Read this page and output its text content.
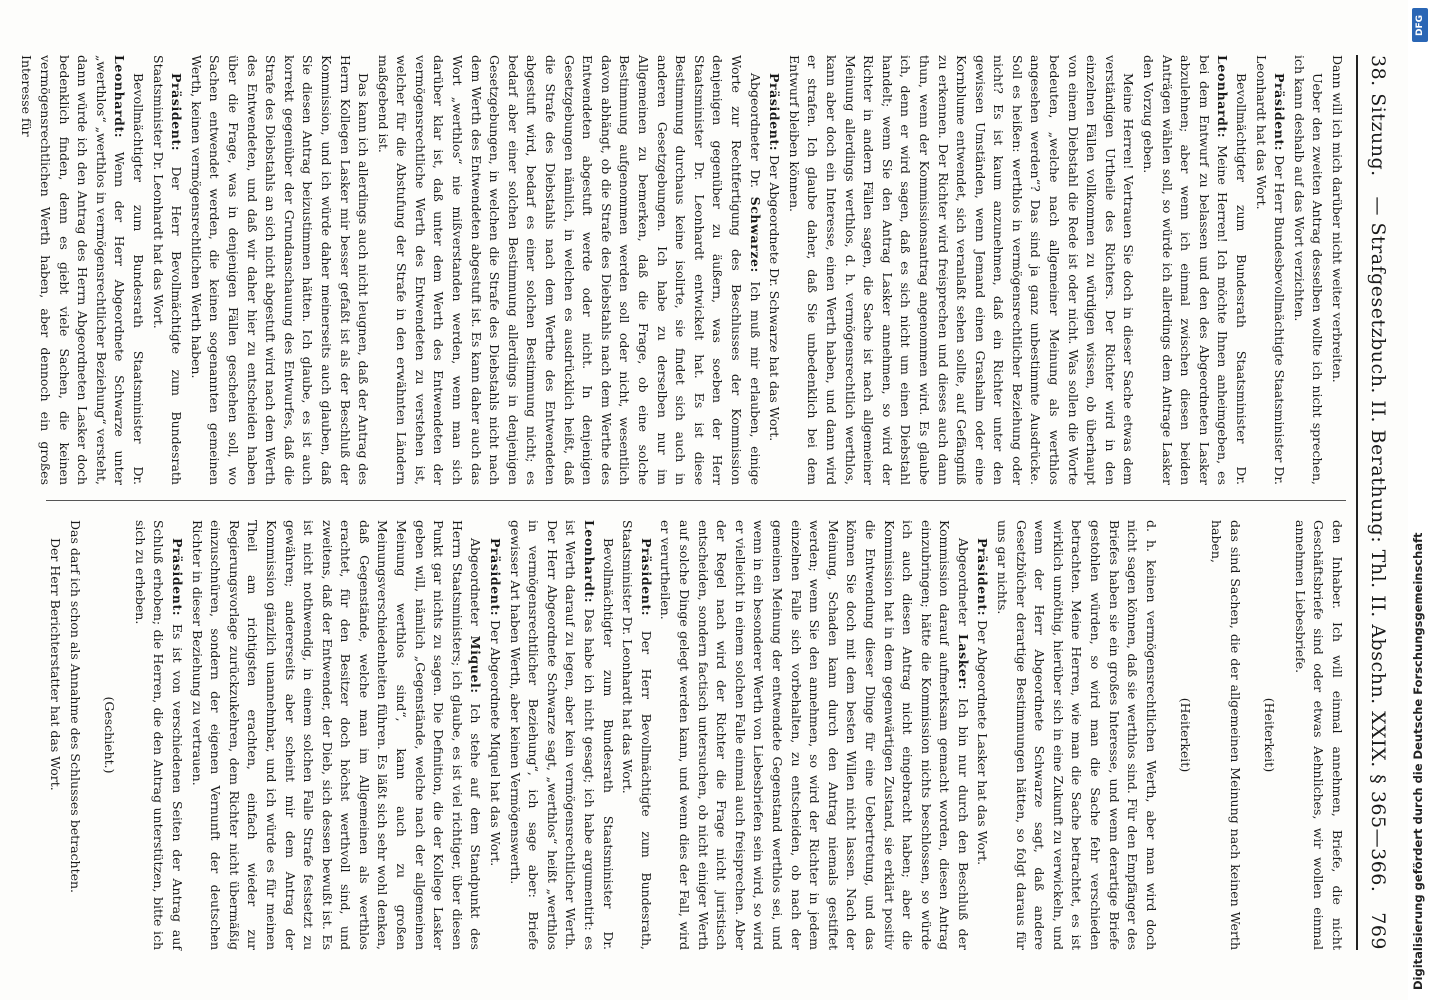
38. Sitzung.
— Strafgesetzbuch. II. Berathung: Thl. II. Abschn. XXIX. § 365—366.
769

Dann will ich mich darüber nicht weiter verbreiten.

Ueber den zweiten Antrag desselben wollte ich nicht sprechen, ich kann deshalb auf das Wort verzichten.

Präsident: Der Herr Bundesbevollmächtigte Staatsminister Dr. Leonhardt hat das Wort.

Bevollmächtigter zum Bundesrath Staatsminister Dr. Leonhardt: Meine Herren! Ich möchte Ihnen anheimgeben, es bei dem Entwurf zu belassen und den des Abgeordneten Lasker abzulehnen; aber wenn ich einmal zwischen diesen beiden Anträgen wählen soll, so würde ich allerdings dem Antrage Lasker den Vorzug geben.

Meine Herren! Vertrauen Sie doch in dieser Sache etwas dem verständigen Urtheile des Richters. Der Richter wird in den einzelnen Fällen vollkommen zu würdigen wissen, ob überhaupt von einem Diebstahl die Rede ist oder nicht. Was sollen die Worte bedeuten, „welche nach allgemeiner Meinung als werthlos angesehen werden“? Das sind ja ganz unbestimmte Ausdrücke. Soll es heißen: werthlos in vermögensrechtlicher Beziehung oder nicht? Es ist kaum anzunehmen, daß ein Richter unter den gewissen Umständen, wenn Jemand einen Grashalm oder eine Kornblume entwendet, sich veranlaßt sehen sollte, auf Gefängniß zu erkennen. Der Richter wird freisprechen und dieses auch dann thun, wenn der Kommissionsantrag angenommen wird. Es glaube ich, denn er wird sagen, daß es sich nicht um einen Diebstahl handelt; wenn Sie den Antrag Lasker annehmen, so wird der Richter in andern Fällen sagen, die Sache ist nach allgemeiner Meinung allerdings werthlos, d. h. vermögensrechtlich werthlos, kann aber doch ein Interesse, einen Werth haben, und dann wird er strafen. Ich glaube daher, daß Sie unbedenklich bei dem Entwurf bleiben können.

Präsident: Der Abgeordnete Dr. Schwarze hat das Wort.

Abgeordneter Dr. Schwarze: Ich muß mir erlauben, einige Worte zur Rechtfertigung des Beschlusses der Kommission denjenigen gegenüber zu äußern, was soeben der Herr Staatsminister Dr. Leonhardt entwickelt hat. Es ist diese Bestimmung durchaus keine isolirte, sie findet sich auch in anderen Gesetzgebungen. Ich habe zu derselben nur im Allgemeinen zu bemerken, daß die Frage, ob eine solche Bestimmung aufgenommen werden soll oder nicht, wesentlich davon abhängt, ob die Strafe des Diebstahls nach dem Werthe des Entwendeten abgestuft werde oder nicht. In denjenigen Gesetzgebungen nämlich, in welchen es ausdrücklich heißt, daß die Strafe des Diebstahls nach dem Werthe des Entwendeten abgestuft wird, bedarf es einer solchen Bestimmung nicht; es bedarf aber einer solchen Bestimmung allerdings in denjenigen Gesetzgebungen, in welchen die Strafe des Diebstahls nicht nach dem Werth des Entwendeten abgestuft ist. Es kann daher auch das Wort „werthlos“ nie mißverstanden werden, wenn man sich darüber klar ist, daß unter dem Werth des Entwendeten der vermögensrechtliche Werth des Entwendeten zu verstehen ist, welcher für die Abstufung der Strafe in den erwähnten Ländern maßgebend ist.

Das kann ich allerdings auch nicht leugnen, daß der Antrag des Herrn Kollegen Lasker mir besser gefaßt ist als der Beschluß der Kommission, und ich würde daher meinerseits auch glauben, daß Sie diesen Antrag beizustimmen hätten. Ich glaube, es ist auch korrekt gegenüber der Grundanschauung des Entwurfes, daß die Strafe des Diebstahls an sich nicht abgestuft wird nach dem Werth des Entwendeten, und daß wir daher hier zu entscheiden haben über die Frage, was in denjenigen Fällen geschehen soll, wo Sachen entwendet werden, die keinen sogenannten gemeinen Werth, keinen vermögensrechtlichen Werth haben.

Präsident: Der Herr Bevollmächtigte zum Bundesrath Staatsminister Dr. Leonhardt hat das Wort.

Bevollmächtigter zum Bundesrath Staatsminister Dr. Leonhardt: Wenn der Herr Abgeordnete Schwarze unter „werthlos“ „werthlos in vermögensrechtlicher Beziehung“ versteht, dann würde ich den Antrag des Herrn Abgeordneten Lasker doch bedenklich finden, denn es giebt viele Sachen, die keinen vermögensrechtlichen Werth haben, aber dennoch ein großes Interesse für

den Inhaber. Ich will einmal annehmen, Briefe, die nicht Geschäftsbriefe sind oder etwas Aehnliches, wir wollen einmal annehmen Liebesbriefe.

(Heiterkeit)

das sind Sachen, die der allgemeinen Meinung nach keinen Werth haben,

(Heiterkeit)

d. h. keinen vermögensrechtlichen Werth, aber man wird doch nicht sagen können, daß sie werthlos sind. Für den Empfänger des Briefes haben sie ein großes Interesse, und wenn derartige Briefe gestohlen würden, so wird man die Sache fehr verschieden betrachten. Meine Herren, wie man die Sache betrachtet, es ist wirklich unnöthig, hierüber sich in eine Zukunft zu verwickeln, und wenn der Herr Abgeordnete Schwarze sagt, daß andere Gesetzbücher derartige Bestimmungen hätten, so folgt daraus für uns gar nichts.

Präsident: Der Abgeordnete Lasker hat das Wort.

Abgeordneter Lasker: Ich bin nur durch den Beschluß der Kommission darauf aufmerksam gemacht worden, diesen Antrag einzubringen; hätte die Kommission nichts beschlossen, so würde ich auch diesen Antrag nicht eingebracht haben; aber die Kommission hat in dem gegenwärtigen Zustand, sie erklärt positiv die Entwendung dieser Dinge für eine Uebertretung, und das können Sie doch mit dem besten Willen nicht lassen. Nach der Meinung, Schaden kann durch den Antrag niemals gestiftet werden; wenn Sie den annehmen, so wird der Richter in jedem einzelnen Falle sich vorbehalten, zu entscheiden, ob nach der gemeinen Meinung der entwendete Gegenstand werthlos sei, und wenn in ein besonderer Werth von Liebesbriefen sein wird, so wird er vielleicht in einem solchen Falle einmal auch freisprechen. Aber der Regel nach wird der Richter die Frage nicht juristisch entscheiden, sondern factisch untersuchen, ob nicht einiger Werth auf solche Dinge gelegt werden kann, und wenn dies der Fall, wird er verurtheilen.

Präsident: Der Herr Bevollmächtigte zum Bundesrath, Staatsminister Dr. Leonhardt hat das Wort.

Bevollmächtigter zum Bundesrath Staatsminister Dr. Leonhardt: Das habe ich nicht gesagt; ich habe argumentirt: es ist Werth darauf zu legen, aber kein vermögensrechtlicher Werth. Der Herr Abgeordnete Schwarze sagt, „werthlos“ heißt „werthlos in vermögensrechtlicher Beziehung“, ich sage aber: Briefe gewisser Art haben Werth, aber keinen Vermögenswerth.

Präsident: Der Abgeordnete Miquel hat das Wort.

Abgeordneter Miquel: Ich stehe auf dem Standpunkt des Herrn Staatsministers; ich glaube, es ist viel richtiger, über diesen Punkt gar nichts zu sagen. Die Definition, die der Kollege Lasker geben will, nämlich „Gegenstände, welche nach der allgemeinen Meinung werthlos sind“, kann auch zu großen Meinungsverschiedenheiten führen. Es läßt sich sehr wohl denken, daß Gegenstände, welche man im Allgemeinen als werthlos erachtet, für den Besitzer doch höchst werthvoll sind, und zweitens, daß der Entwender, der Dieb, sich dessen bewußt ist. Es ist nicht nothwendig, in einem solchen Falle Strafe festsetzt zu gewähren; andererseits aber scheint mir dem Antrag der Kommission gänzlich unannehmbar, und ich würde es für meinen Theil am richtigsten erachten, einfach wieder zur Regierungsvorlage zurückzukehren, dem Richter nicht übermäßig einzuschnüren, sondern der eigenen Vernunft der deutschen Richter in dieser Beziehung zu vertrauen.

Präsident: Es ist von verschiedenen Seiten der Antrag auf Schluß erhoben; die Herren, die den Antrag unterstützen, bitte ich sich zu erheben.

(Geschieht.)

Das darf ich schon als Annahme des Schlusses betrachten.

Der Herr Berichterstatter hat das Wort.

DFG
Digitalisierung gefördert durch die Deutsche Forschungsgemeinschaft
